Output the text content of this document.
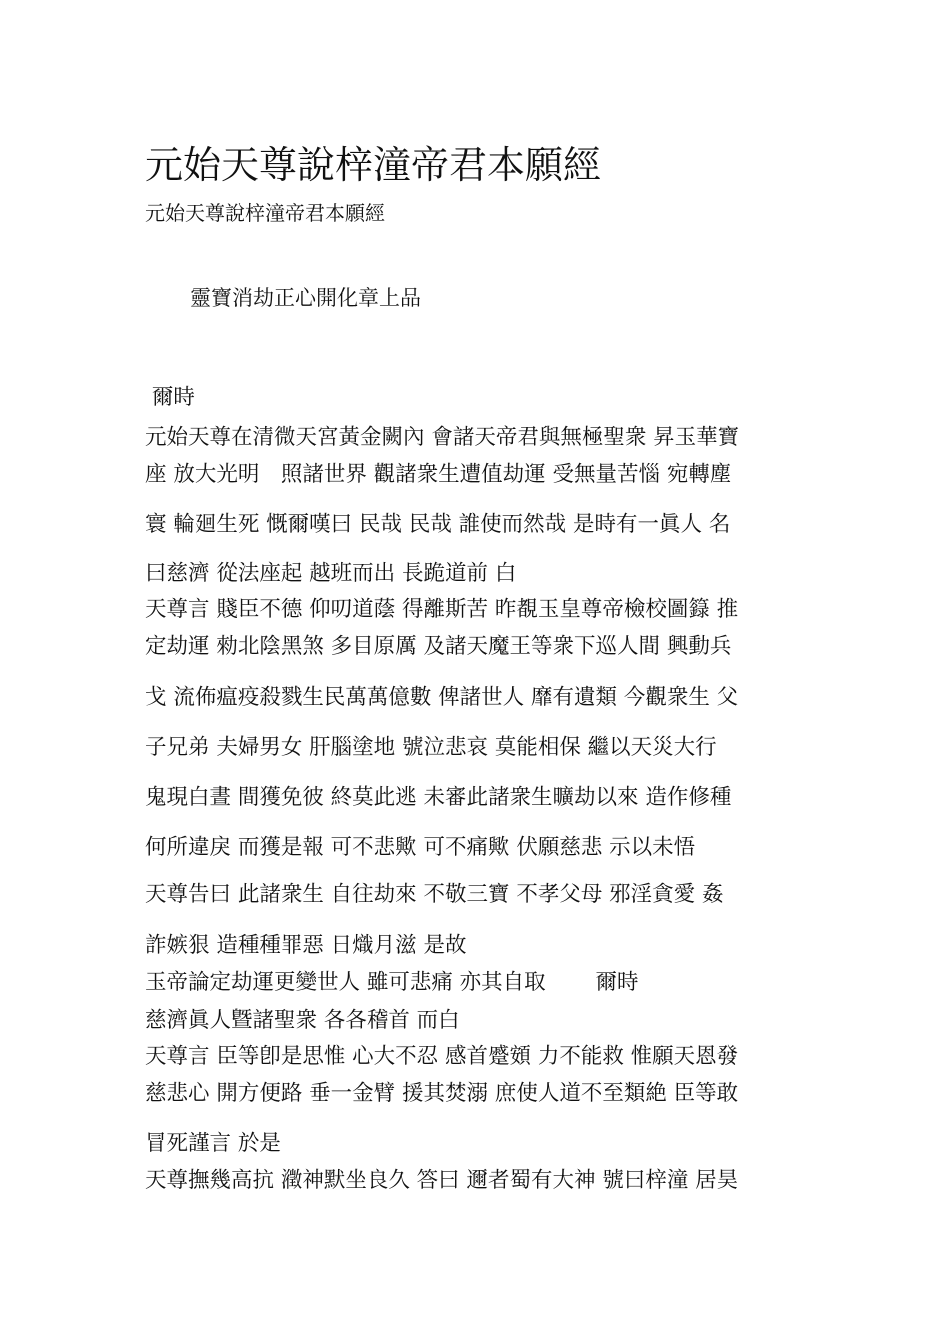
元始天尊說梓潼帝君本願經
元始天尊說梓潼帝君本願經
靈寶消劫正心開化章上品
爾時
元始天尊在清微天宮黃金闕內 會諸天帝君與無極聖衆 昇玉華寶
座 放大光明　照諸世界 觀諸衆生遭值劫運 受無量苦惱 宛轉塵
寰 輪廻生死 慨爾嘆曰 民哉 民哉 誰使而然哉 是時有一眞人 名
曰慈濟 從法座起 越班而出 長跪道前 白
天尊言 賤臣不德 仰叨道蔭 得離斯苦 昨覩玉皇尊帝檢校圖籙 推
定劫運 勑北陰黑煞 多目原厲 及諸天魔王等衆下巡人間 興動兵
戈 流佈瘟疫殺戮生民萬萬億數 俾諸世人 靡有遺類 今觀衆生 父
子兄弟 夫婦男女 肝腦塗地 號泣悲哀 莫能相保 繼以天災大行
鬼現白晝 間獲免彼 終莫此逃 未審此諸衆生曠劫以來 造作修種
何所違戾 而獲是報 可不悲歟 可不痛歟 伏願慈悲 示以未悟
天尊告曰 此諸衆生 自往劫來 不敬三寶 不孝父母 邪淫貪愛 姦
詐嫉狠 造種種罪惡 日熾月滋 是故
玉帝論定劫運更變世人 雖可悲痛 亦其自取　　 爾時
慈濟眞人曁諸聖衆 各各稽首 而白
天尊言 臣等卽是思惟 心大不忍 感首蹙頞 力不能救 惟願天恩發
慈悲心 開方便路 垂一金臂 援其焚溺 庶使人道不至類絶 臣等敢
冒死謹言 於是
天尊撫幾高抗 瀓神默坐良久 答曰 邇者蜀有大神 號曰梓潼 居昊
